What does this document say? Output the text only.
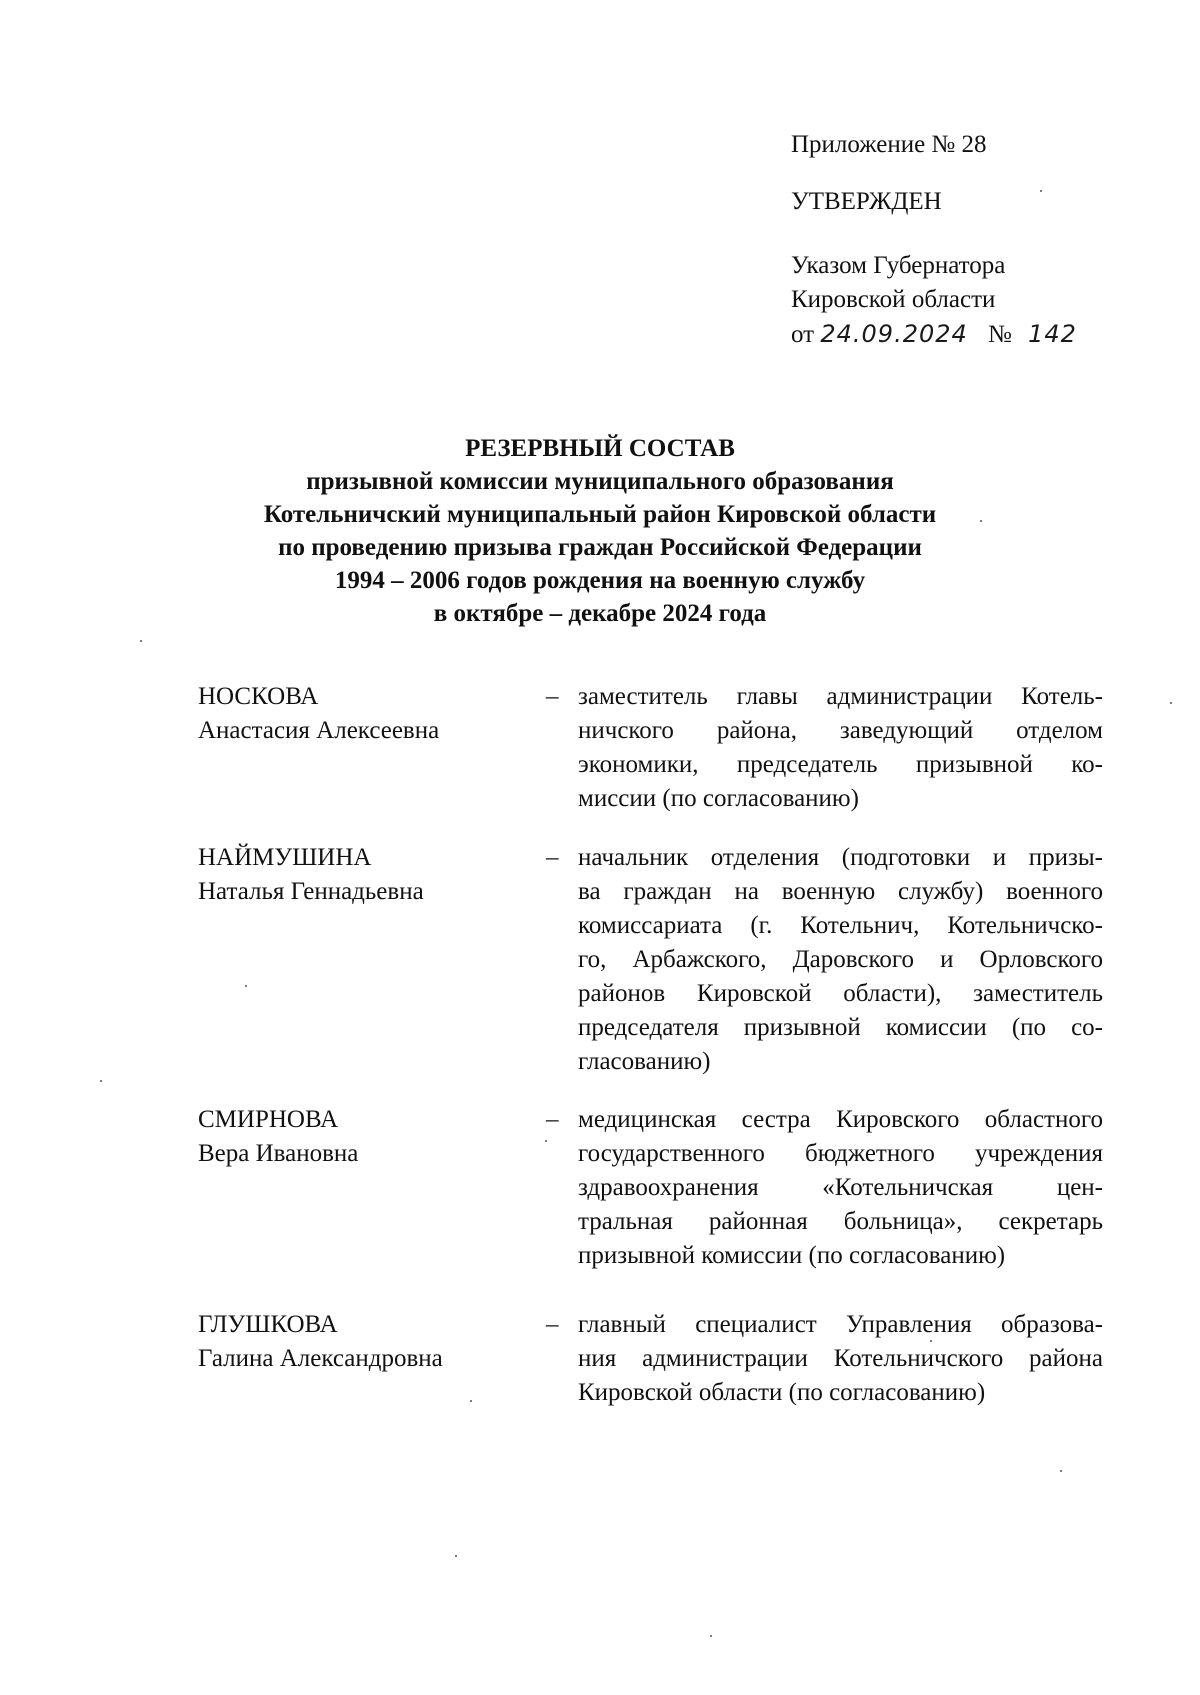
Приложение № 28
УТВЕРЖДЕН
Указом Губернатора
Кировской области
от 24.09.2024 № 142
РЕЗЕРВНЫЙ СОСТАВ
призывной комиссии муниципального образования
Котельничский муниципальный район Кировской области
по проведению призыва граждан Российской Федерации
1994 – 2006 годов рождения на военную службу
в октябре – декабре 2024 года
НОСКОВА
Анастасия Алексеевна
– заместитель главы администрации Котель-
ничского района, заведующий отделом
экономики, председатель призывной ко-
миссии (по согласованию)
НАЙМУШИНА
Наталья Геннадьевна
– начальник отделения (подготовки и призы-
ва граждан на военную службу) военного
комиссариата (г. Котельнич, Котельничско-
го, Арбажского, Даровского и Орловского
районов Кировской области), заместитель
председателя призывной комиссии (по со-
гласованию)
СМИРНОВА
Вера Ивановна
– медицинская сестра Кировского областного
государственного бюджетного учреждения
здравоохранения «Котельничская цен-
тральная районная больница», секретарь
призывной комиссии (по согласованию)
ГЛУШКОВА
Галина Александровна
– главный специалист Управления образова-
ния администрации Котельничского района
Кировской области (по согласованию)
